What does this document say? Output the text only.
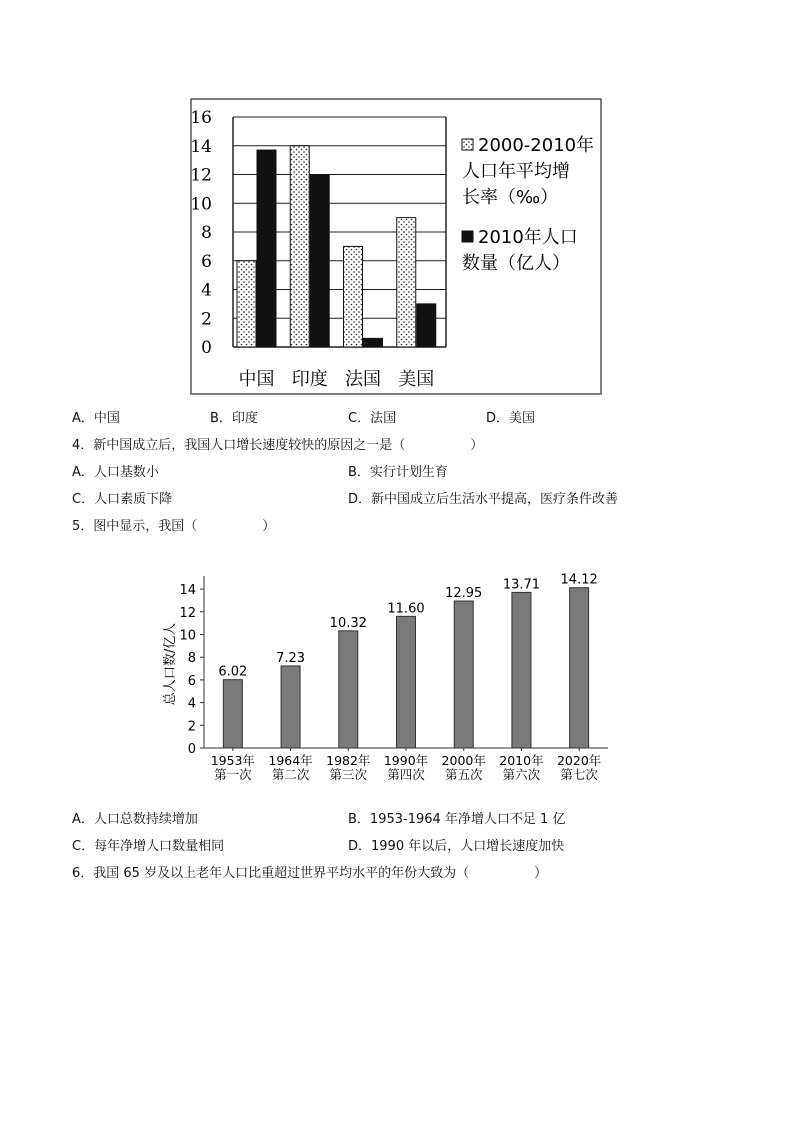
0
2
4
6
8
10
12
14
16
中国 印度 法国 美国
2000-2010年
人口年平均增
长率（‰）
2010年人口
数量（亿人）
A．中国	B．印度	C．法国	D．美国
4．新中国成立后，我国人口增长速度较快的原因之一是（　　　　　）
A．人口基数小	B．实行计划生育
C．人口素质下降	D．新中国成立后生活水平提高，医疗条件改善
5．图中显示，我国（　　　　　）
0
2
4
6
8
10
12
14
6.02
7.23
10.32
11.60
12.95
13.71 14.12
1953年
第一次
1964年
第二次
1982年
第三次
1990年
第四次
2000年
第五次
2010年
第六次
2020年
第七次
总人口数/亿人
A．人口总数持续增加	B．1953-1964 年净增人口不足 1 亿
C．每年净增人口数量相同	D．1990 年以后，人口增长速度加快
6．我国 65 岁及以上老年人口比重超过世界平均水平的年份大致为（　　　　　）
